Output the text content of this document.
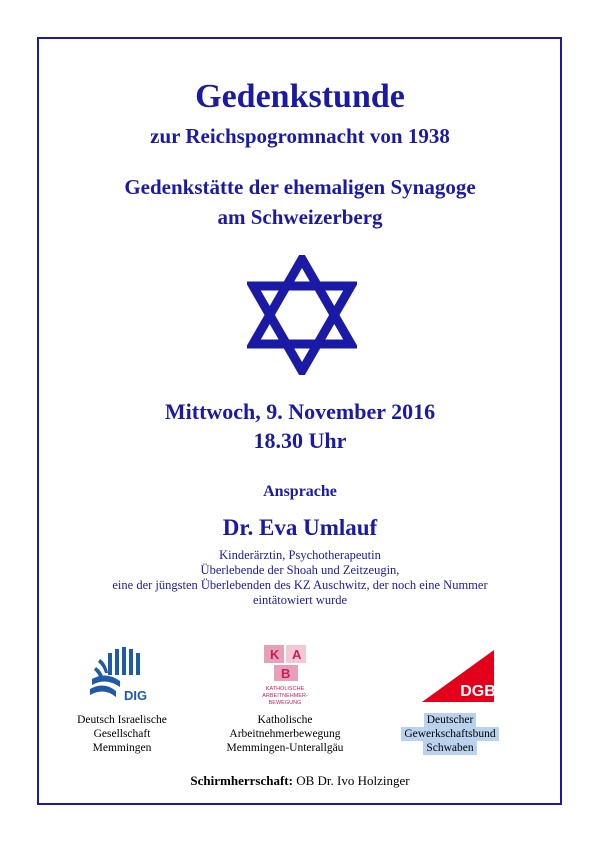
Gedenkstunde
zur Reichspogromnacht von 1938
Gedenkstätte der ehemaligen Synagoge
am Schweizerberg
Mittwoch, 9. November 2016
18.30 Uhr
Ansprache
Dr. Eva Umlauf
Kinderärztin, Psychotherapeutin
Überlebende der Shoah und Zeitzeugin,
eine der jüngsten Überlebenden des KZ Auschwitz, der noch eine Nummer
eintätowiert wurde
DIG
K A
B
KATHOLISCHE
ARBEITNEHMER-
BEWEGUNG
DGB
Deutsch Israelische
Gesellschaft
Memmingen
Katholische
Arbeitnehmerbewegung
Memmingen-Unterallgäu
Deutscher
Gewerkschaftsbund
Schwaben
Schirmherrschaft: OB Dr. Ivo Holzinger
